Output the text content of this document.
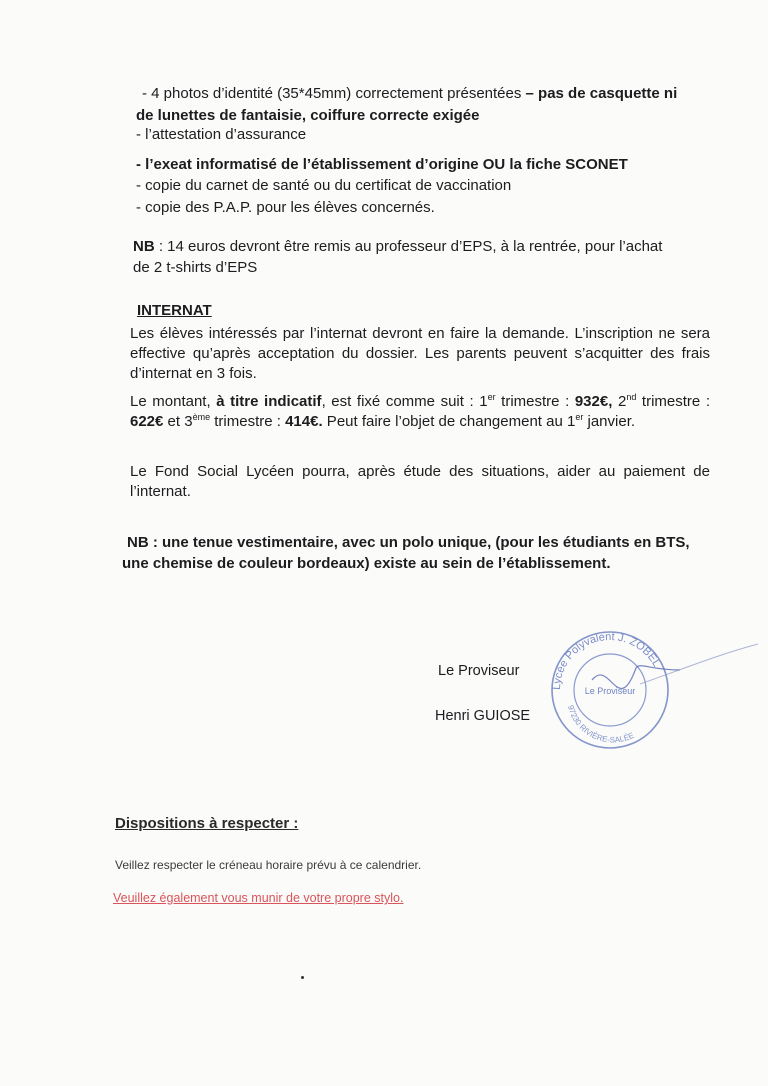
- 4 photos d’identité (35*45mm) correctement présentées – pas de casquette ni
de lunettes de fantaisie, coiffure correcte exigée
- l’attestation d’assurance
- l’exeat informatisé de l’établissement d’origine OU la fiche SCONET
- copie du carnet de santé ou du certificat de vaccination
- copie des P.A.P. pour les élèves concernés.
NB : 14 euros devront être remis au professeur d’EPS, à la rentrée, pour l’achat
de 2 t-shirts d’EPS
INTERNAT
Les élèves intéressés par l’internat devront en faire la demande. L’inscription ne sera effective qu’après acceptation du dossier. Les parents peuvent s’acquitter des frais d’internat en 3 fois.
Le montant, à titre indicatif, est fixé comme suit : 1er trimestre : 932€, 2nd trimestre : 622€ et 3ème trimestre : 414€. Peut faire l’objet de changement au 1er janvier.
Le Fond Social Lycéen pourra, après étude des situations, aider au paiement de l’internat.
NB : une tenue vestimentaire, avec un polo unique, (pour les étudiants en BTS,
une chemise de couleur bordeaux) existe au sein de l’établissement.
Le Proviseur
Henri GUIOSE
Lycée Polyvalent J. ZOBEL
97230 RIVIÈRE-SALÉE
Le Proviseur
Dispositions à respecter :
Veillez respecter le créneau horaire prévu à ce calendrier.
Veuillez également vous munir de votre propre stylo.
